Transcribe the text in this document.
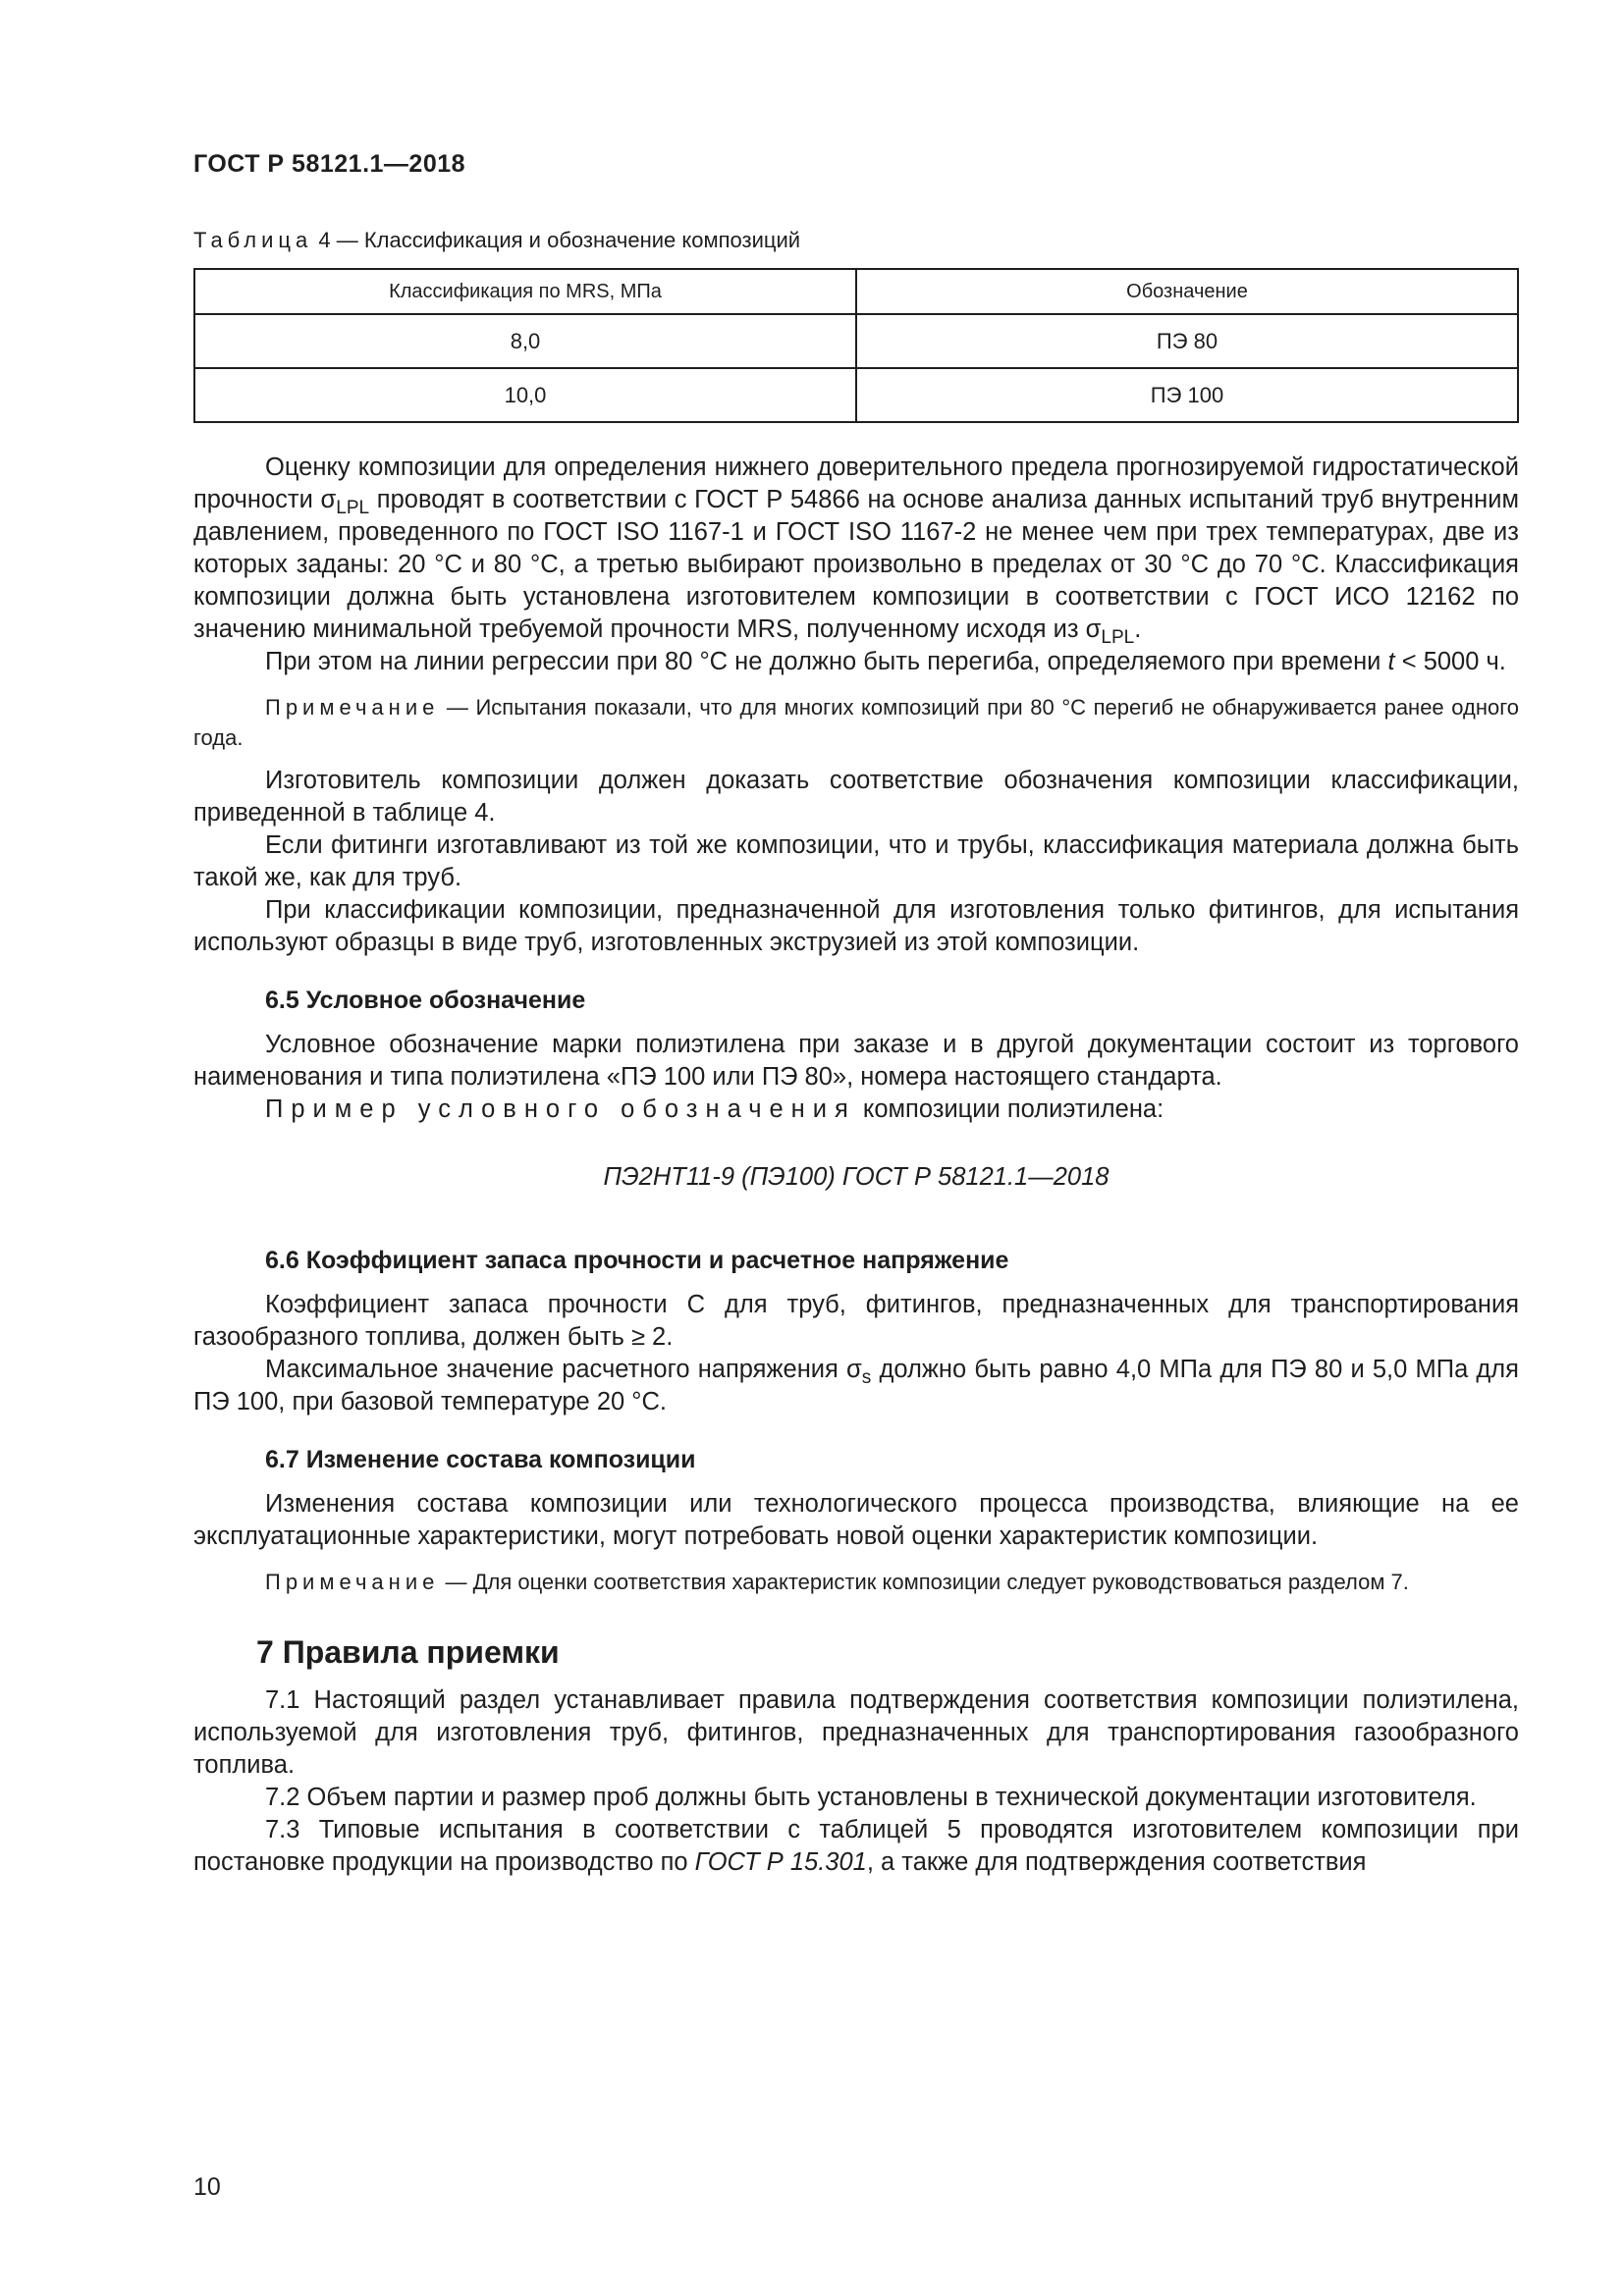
ГОСТ Р 58121.1—2018
Таблица 4 — Классификация и обозначение композиций
Классификация по MRS, МПа	Обозначение
8,0	ПЭ 80
10,0	ПЭ 100

Оценку композиции для определения нижнего доверительного предела прогнозируемой гидростатической прочности $\sigma_{LPL}$ проводят в соответствии с ГОСТ Р 54866 на основе анализа данных испытаний труб внутренним давлением, проведенного по ГОСТ ISO 1167-1 и ГОСТ ISO 1167-2 не менее чем при трех температурах, две из которых заданы: 20 °С и 80 °С, а третью выбирают произвольно в пределах от 30 °С до 70 °С. Классификация композиции должна быть установлена изготовителем композиции в соответствии с ГОСТ ИСО 12162 по значению минимальной требуемой прочности MRS, полученному исходя из $\sigma_{LPL}$.

При этом на линии регрессии при 80 °С не должно быть перегиба, определяемого при времени t < 5000 ч.

Примечание — Испытания показали, что для многих композиций при 80 °С перегиб не обнаруживается ранее одного года.

Изготовитель композиции должен доказать соответствие обозначения композиции классификации, приведенной в таблице 4.

Если фитинги изготавливают из той же композиции, что и трубы, классификация материала должна быть такой же, как для труб.

При классификации композиции, предназначенной для изготовления только фитингов, для испытания используют образцы в виде труб, изготовленных экструзией из этой композиции.

6.5 Условное обозначение

Условное обозначение марки полиэтилена при заказе и в другой документации состоит из торгового наименования и типа полиэтилена «ПЭ 100 или ПЭ 80», номера настоящего стандарта.

Пример условного обозначения композиции полиэтилена:

ПЭ2НТ11-9 (ПЭ100) ГОСТ Р 58121.1—2018

6.6 Коэффициент запаса прочности и расчетное напряжение

Коэффициент запаса прочности С для труб, фитингов, предназначенных для транспортирования газообразного топлива, должен быть ≥ 2.

Максимальное значение расчетного напряжения $\sigma_s$ должно быть равно 4,0 МПа для ПЭ 80 и 5,0 МПа для ПЭ 100, при базовой температуре 20 °С.

6.7 Изменение состава композиции

Изменения состава композиции или технологического процесса производства, влияющие на ее эксплуатационные характеристики, могут потребовать новой оценки характеристик композиции.

Примечание — Для оценки соответствия характеристик композиции следует руководствоваться разделом 7.

7 Правила приемки

7.1 Настоящий раздел устанавливает правила подтверждения соответствия композиции полиэтилена, используемой для изготовления труб, фитингов, предназначенных для транспортирования газообразного топлива.

7.2 Объем партии и размер проб должны быть установлены в технической документации изготовителя.

7.3 Типовые испытания в соответствии с таблицей 5 проводятся изготовителем композиции при постановке продукции на производство по ГОСТ Р 15.301, а также для подтверждения соответствия

10
